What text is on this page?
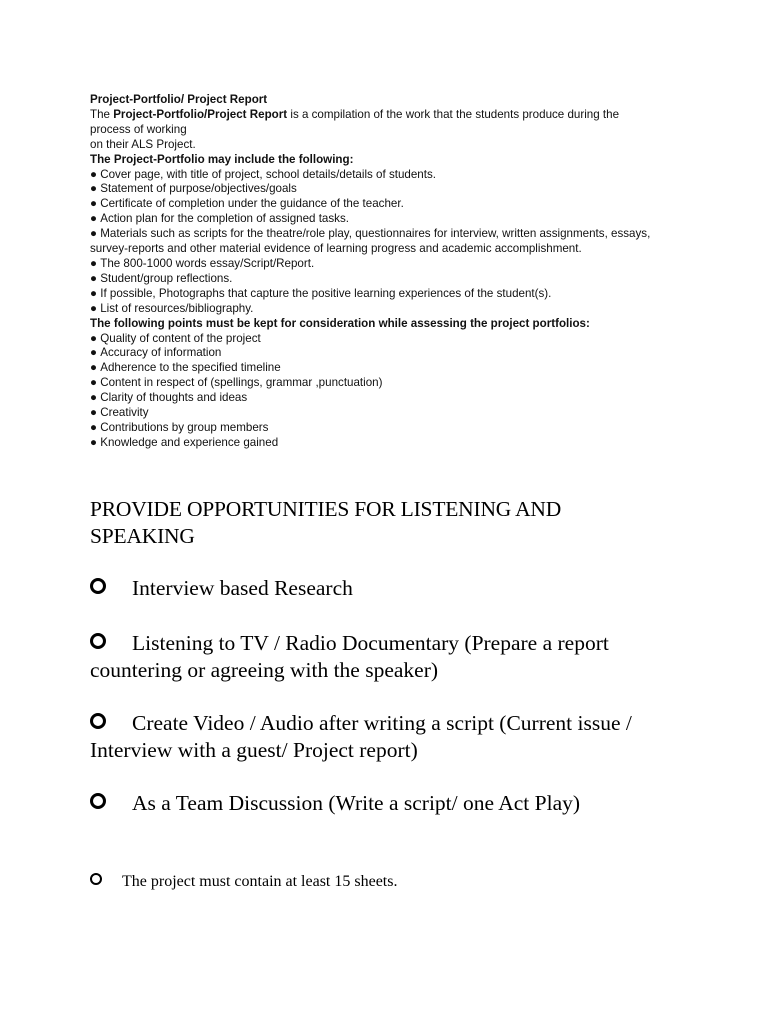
Project-Portfolio/ Project Report

The Project-Portfolio/Project Report is a compilation of the work that the students produce during the

process of working

on their ALS Project.

The Project-Portfolio may include the following:

● Cover page, with title of project, school details/details of students.

● Statement of purpose/objectives/goals

● Certificate of completion under the guidance of the teacher.

● Action plan for the completion of assigned tasks.

● Materials such as scripts for the theatre/role play, questionnaires for interview, written assignments, essays,

survey-reports and other material evidence of learning progress and academic accomplishment.

● The 800-1000 words essay/Script/Report.

● Student/group reflections.

● If possible, Photographs that capture the positive learning experiences of the student(s).

● List of resources/bibliography.

The following points must be kept for consideration while assessing the project portfolios:

● Quality of content of the project

● Accuracy of information

● Adherence to the specified timeline

● Content in respect of (spellings, grammar ,punctuation)

● Clarity of thoughts and ideas

● Creativity

● Contributions by group members

● Knowledge and experience gained

PROVIDE OPPORTUNITIES FOR LISTENING AND SPEAKING
Interview based Research
Listening to TV / Radio Documentary (Prepare a report countering or agreeing with the speaker)
Create Video / Audio after writing a script (Current issue / Interview with a guest/ Project report)
As a Team Discussion (Write a script/ one Act Play)
The project must contain at least 15 sheets.
